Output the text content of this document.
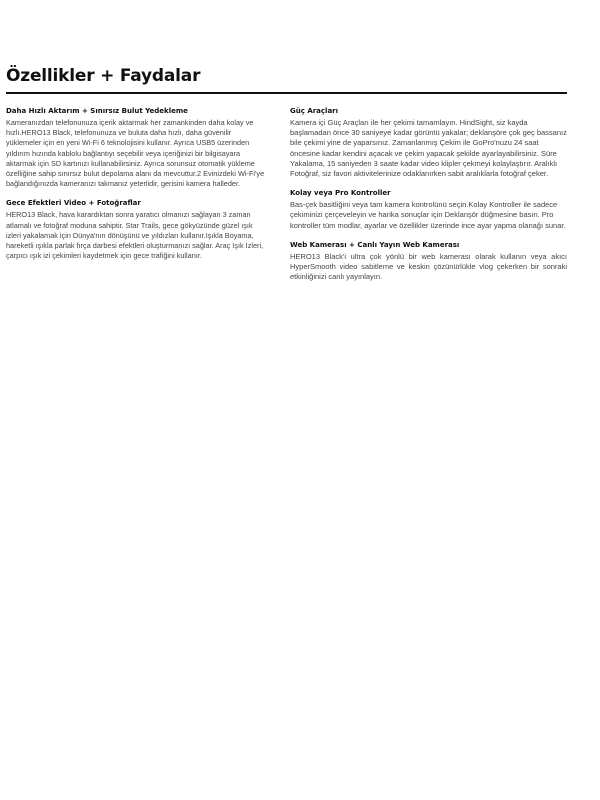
Özellikler + Faydalar
Daha Hızlı Aktarım + Sınırsız Bulut Yedekleme

Kameranızdan telefonunuza içerik aktarmak her zamankinden daha kolay ve hızlı.HERO13 Black, telefonunuza ve buluta daha hızlı, daha güvenilir yüklemeler için en yeni Wi-Fi 6 teknolojisini kullanır. Ayrıca USB5 üzerinden yıldırım hızında kablolu bağlantıyı seçebilir veya içeriğinizi bir bilgisayara aktarmak için SD kartınızı kullanabilirsiniz. Ayrıca sorunsuz otomatik yükleme özelliğine sahip sınırsız bulut depolama alanı da mevcuttur.2 Evinizdeki Wi-Fi'ye bağlandığınızda kameranızı takmanız yeterlidir, gerisini kamera halleder.

Gece Efektleri Video + Fotoğraflar

HERO13 Black, hava karardıktan sonra yaratıcı olmanızı sağlayan 3 zaman atlamalı ve fotoğraf moduna sahiptir. Star Trails, gece gökyüzünde güzel ışık izleri yakalamak için Dünya'nın dönüşünü ve yıldızları kullanır.Işıkla Boyama, hareketli ışıkla parlak fırça darbesi efektleri oluşturmanızı sağlar. Araç Işık İzleri, çarpıcı ışık izi çekimleri kaydetmek için gece trafiğini kullanır.

Güç Araçları

Kamera içi Güç Araçları ile her çekimi tamamlayın. HindSight, siz kayda başlamadan önce 30 saniyeye kadar görüntü yakalar; deklanşöre çok geç bassanız bile çekimi yine de yaparsınız. Zamanlanmış Çekim ile GoPro'nuzu 24 saat öncesine kadar kendini açacak ve çekim yapacak şekilde ayarlayabilirsiniz. Süre Yakalama, 15 saniyeden 3 saate kadar video klipler çekmeyi kolaylaştırır. Aralıklı Fotoğraf, siz favori aktivitelerinize odaklanırken sabit aralıklarla fotoğraf çeker.

Kolay veya Pro Kontroller

Bas-çek basitliğini veya tam kamera kontrolünü seçin.Kolay Kontroller ile sadece çekiminizi çerçeveleyin ve harika sonuçlar için Deklanşör düğmesine basın. Pro kontroller tüm modlar, ayarlar ve özellikler üzerinde ince ayar yapma olanağı sunar.

Web Kamerası + Canlı Yayın Web Kamerası

HERO13 Black'i ultra çok yönlü bir web kamerası olarak kullanın veya akıcı HyperSmooth video sabitleme ve keskin çözünürlükle vlog çekerken bir sonraki etkinliğinizi canlı yayınlayın.
